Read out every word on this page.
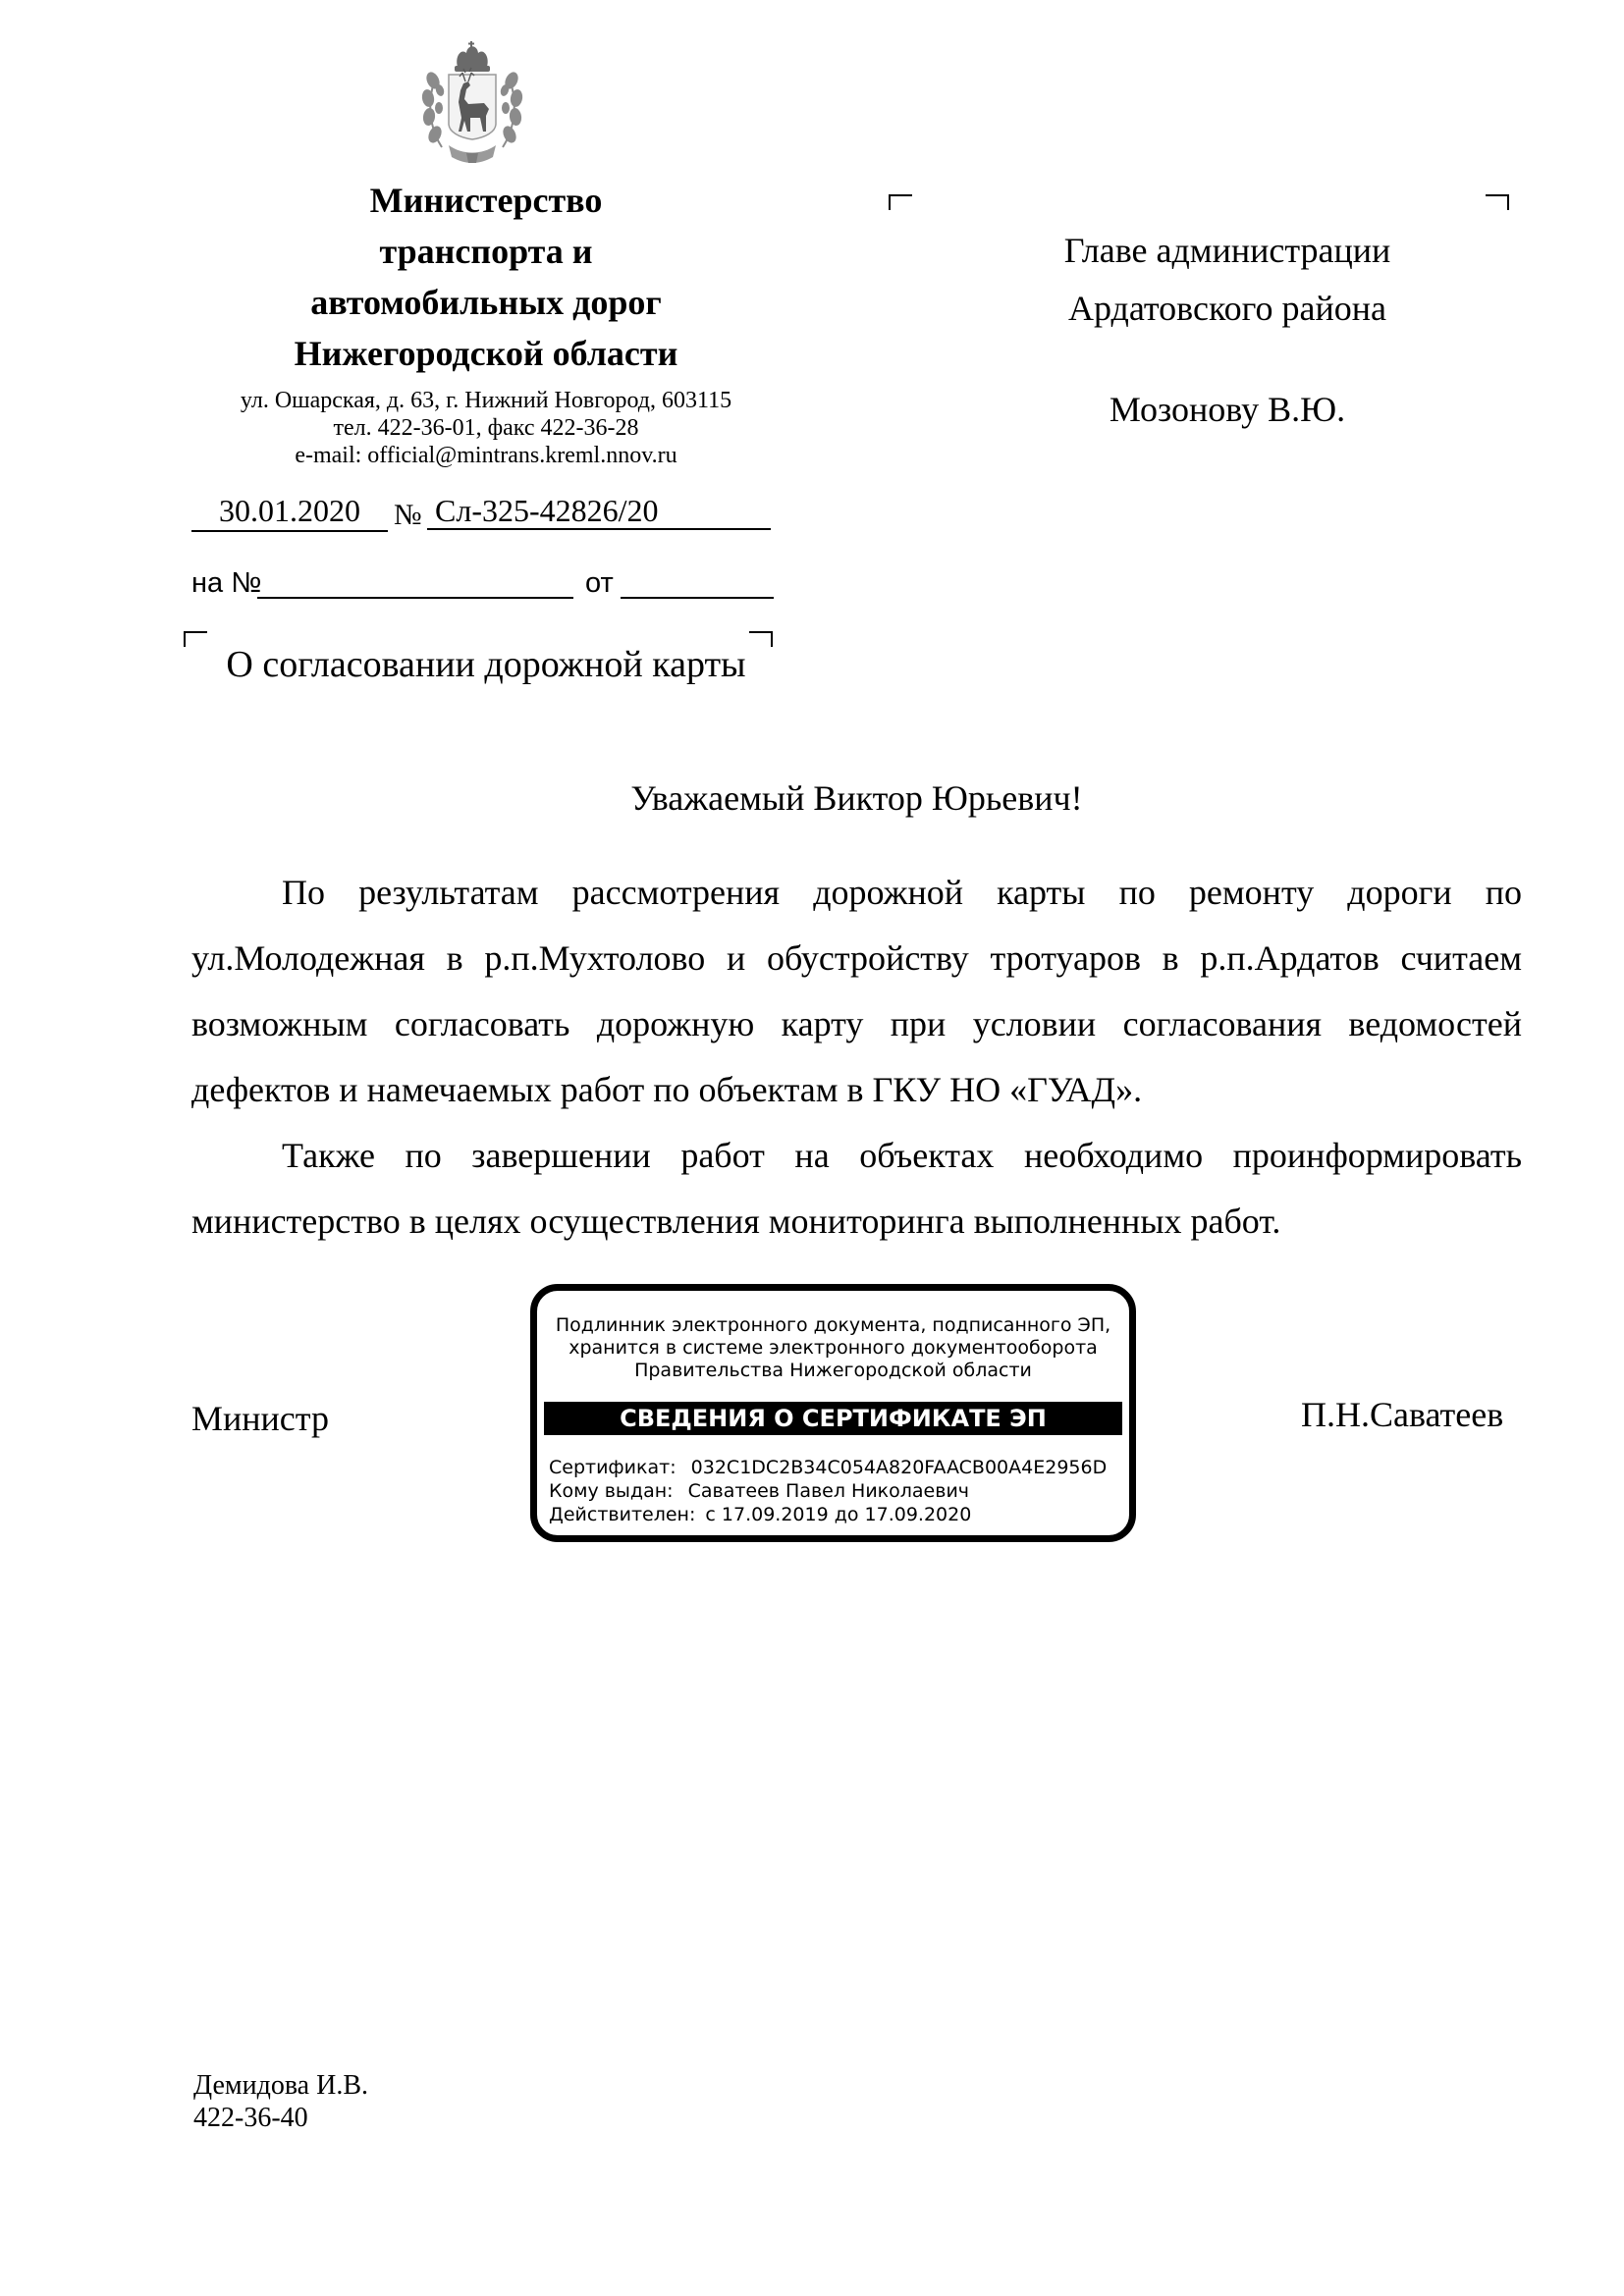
Министерство
транспорта и
автомобильных дорог
Нижегородской области
ул. Ошарская, д. 63, г. Нижний Новгород, 603115
тел. 422-36-01, факс 422-36-28
e-mail: official@mintrans.kreml.nnov.ru
30.01.2020	№ Сл-325-42826/20
на №	от
О согласовании дорожной карты
Главе администрации
Ардатовского района
Мозонову В.Ю.
Уважаемый Виктор Юрьевич!
По результатам рассмотрения дорожной карты по ремонту дороги по
ул.Молодежная в р.п.Мухтолово и обустройству тротуаров в р.п.Ардатов считаем
возможным согласовать дорожную карту при условии согласования ведомостей
дефектов и намечаемых работ по объектам в ГКУ НО «ГУАД».
Также по завершении работ на объектах необходимо проинформировать
министерство в целях осуществления мониторинга выполненных работ.
Министр
Подлинник электронного документа, подписанного ЭП,
хранится в системе электронного документооборота
Правительства Нижегородской области
СВЕДЕНИЯ О СЕРТИФИКАТЕ ЭП
Сертификат: 032C1DC2B34C054A820FAACB00A4E2956D
Кому выдан: Саватеев Павел Николаевич
Действителен: с 17.09.2019 до 17.09.2020
П.Н.Саватеев
Демидова И.В.
422-36-40
